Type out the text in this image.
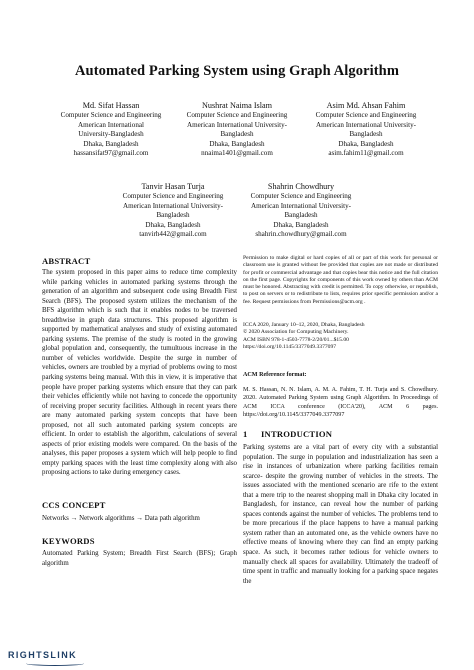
Automated Parking System using Graph Algorithm
Md. Sifat Hassan
Computer Science and Engineering
American International
University-Bangladesh
Dhaka, Bangladesh
hassansifat97@gmail.com
Nushrat Naima Islam
Computer Science and Engineering
American International University-
Bangladesh
Dhaka, Bangladesh
nnaima1401@gmail.com
Asim Md. Ahsan Fahim
Computer Science and Engineering
American International University-
Bangladesh
Dhaka, Bangladesh
asim.fahim11@gmail.com
Tanvir Hasan Turja
Computer Science and Engineering
American International University-
Bangladesh
Dhaka, Bangladesh
tanvirh442@gmail.com
Shahrin Chowdhury
Computer Science and Engineering
American International University-
Bangladesh
Dhaka, Bangladesh
shahrin.chowdhury@gmail.com
ABSTRACT
The system proposed in this paper aims to reduce time complexity while parking vehicles in automated parking systems through the generation of an algorithm and subsequent code using Breadth First Search (BFS). The proposed system utilizes the mechanism of the BFS algorithm which is such that it enables nodes to be traversed breadthwise in graph data structures. This proposed algorithm is supported by mathematical analyses and study of existing automated parking systems. The premise of the study is rooted in the growing global population and, consequently, the tumultuous increase in the number of vehicles worldwide. Despite the surge in number of vehicles, owners are troubled by a myriad of problems owing to most parking systems being manual. With this in view, it is imperative that people have proper parking systems which ensure that they can park their vehicles efficiently while not having to concede the opportunity of receiving proper security facilities. Although in recent years there are many automated parking system concepts that have been proposed, not all such automated parking system concepts are efficient. In order to establish the algorithm, calculations of several aspects of prior existing models were compared. On the basis of the analyses, this paper proposes a system which will help people to find empty parking spaces with the least time complexity along with also proposing actions to take during emergency cases.
CCS CONCEPT
Networks → Network algorithms → Data path algorithm
KEYWORDS
Automated Parking System; Breadth First Search (BFS); Graph algorithm
Permission to make digital or hard copies of all or part of this work for personal or classroom use is granted without fee provided that copies are not made or distributed for profit or commercial advantage and that copies bear this notice and the full citation on the first page. Copyrights for components of this work owned by others than ACM must be honored. Abstracting with credit is permitted. To copy otherwise, or republish, to post on servers or to redistribute to lists, requires prior specific permission and/or a fee. Request permissions from Permissions@acm.org .
ICCA 2020, January 10–12, 2020, Dhaka, Bangladesh
© 2020 Association for Computing Machinery.
ACM ISBN 978-1-4503-7778-2/20/01...$15.00
https://doi.org/10.1145/3377049.3377097
ACM Reference format:
M. S. Hassan, N. N. Islam, A. M. A. Fahim, T. H. Turja and S. Chowdhury. 2020. Automated Parking System using Graph Algorithm. In Proceedings of ACM ICCA conference (ICCA'20), ACM 6 pages. https://doi.org/10.1145/3377049.3377097
1 INTRODUCTION
Parking systems are a vital part of every city with a substantial population. The surge in population and industrialization has seen a rise in instances of urbanization where parking facilities remain scarce- despite the growing number of vehicles in the streets. The issues associated with the mentioned scenario are rife to the extent that a mere trip to the nearest shopping mall in Dhaka city located in Bangladesh, for instance, can reveal how the number of parking spaces contends against the number of vehicles. The problems tend to be more precarious if the place happens to have a manual parking system rather than an automated one, as the vehicle owners have no effective means of knowing where they can find an empty parking space. As such, it becomes rather tedious for vehicle owners to manually check all spaces for availability. Ultimately the tradeoff of time spent in traffic and manually looking for a parking space negates the
RIGHTSLINK
